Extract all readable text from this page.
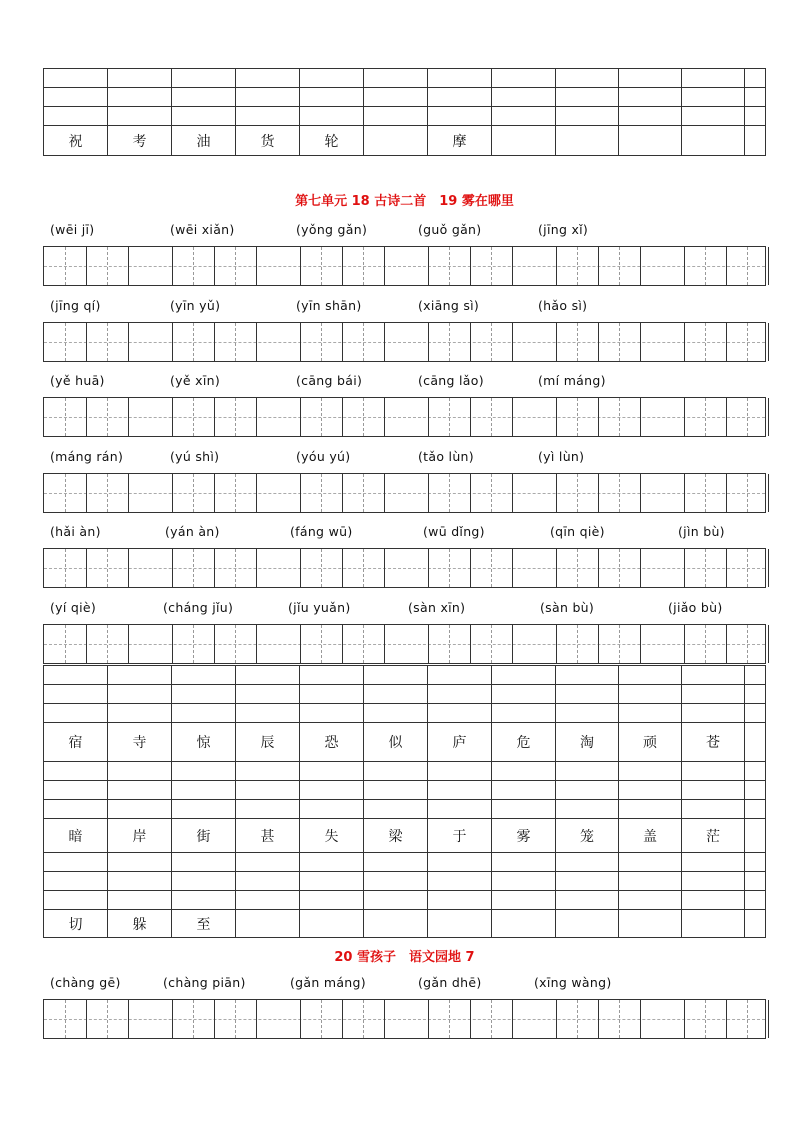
祝	考	油	货	轮		摩					
第七单元 18 古诗二首　19 雾在哪里
(wēi jī)	(wēi xiǎn)	(yǒng gǎn)	(guǒ gǎn)	(jīng xǐ)
(jīng qí)	(yīn yǔ)	(yīn shān)	(xiāng sì)	(hǎo sì)
(yě huā)	(yě xīn)	(cāng bái)	(cāng lǎo)	(mí máng)
(máng rán)	(yú shì)	(yóu yú)	(tǎo lùn)	(yì lùn)
(hǎi àn)	(yán àn)	(fáng wū)	(wū dǐng)	(qīn qiè)	(jìn bù)
(yí qiè)	(cháng jǐu)	(jǐu yuǎn)	(sàn xīn)	(sàn bù)	(jiǎo bù)

宿	寺	惊	辰	恐	似	庐	危	淘	顽	苍	

暗	岸	街	甚	失	梁	于	雾	笼	盖	茫	

切	躲	至									
20 雪孩子　语文园地 7
(chàng gē)	(chàng piān)	(gǎn máng)	(gǎn dhē)	(xīng wàng)
